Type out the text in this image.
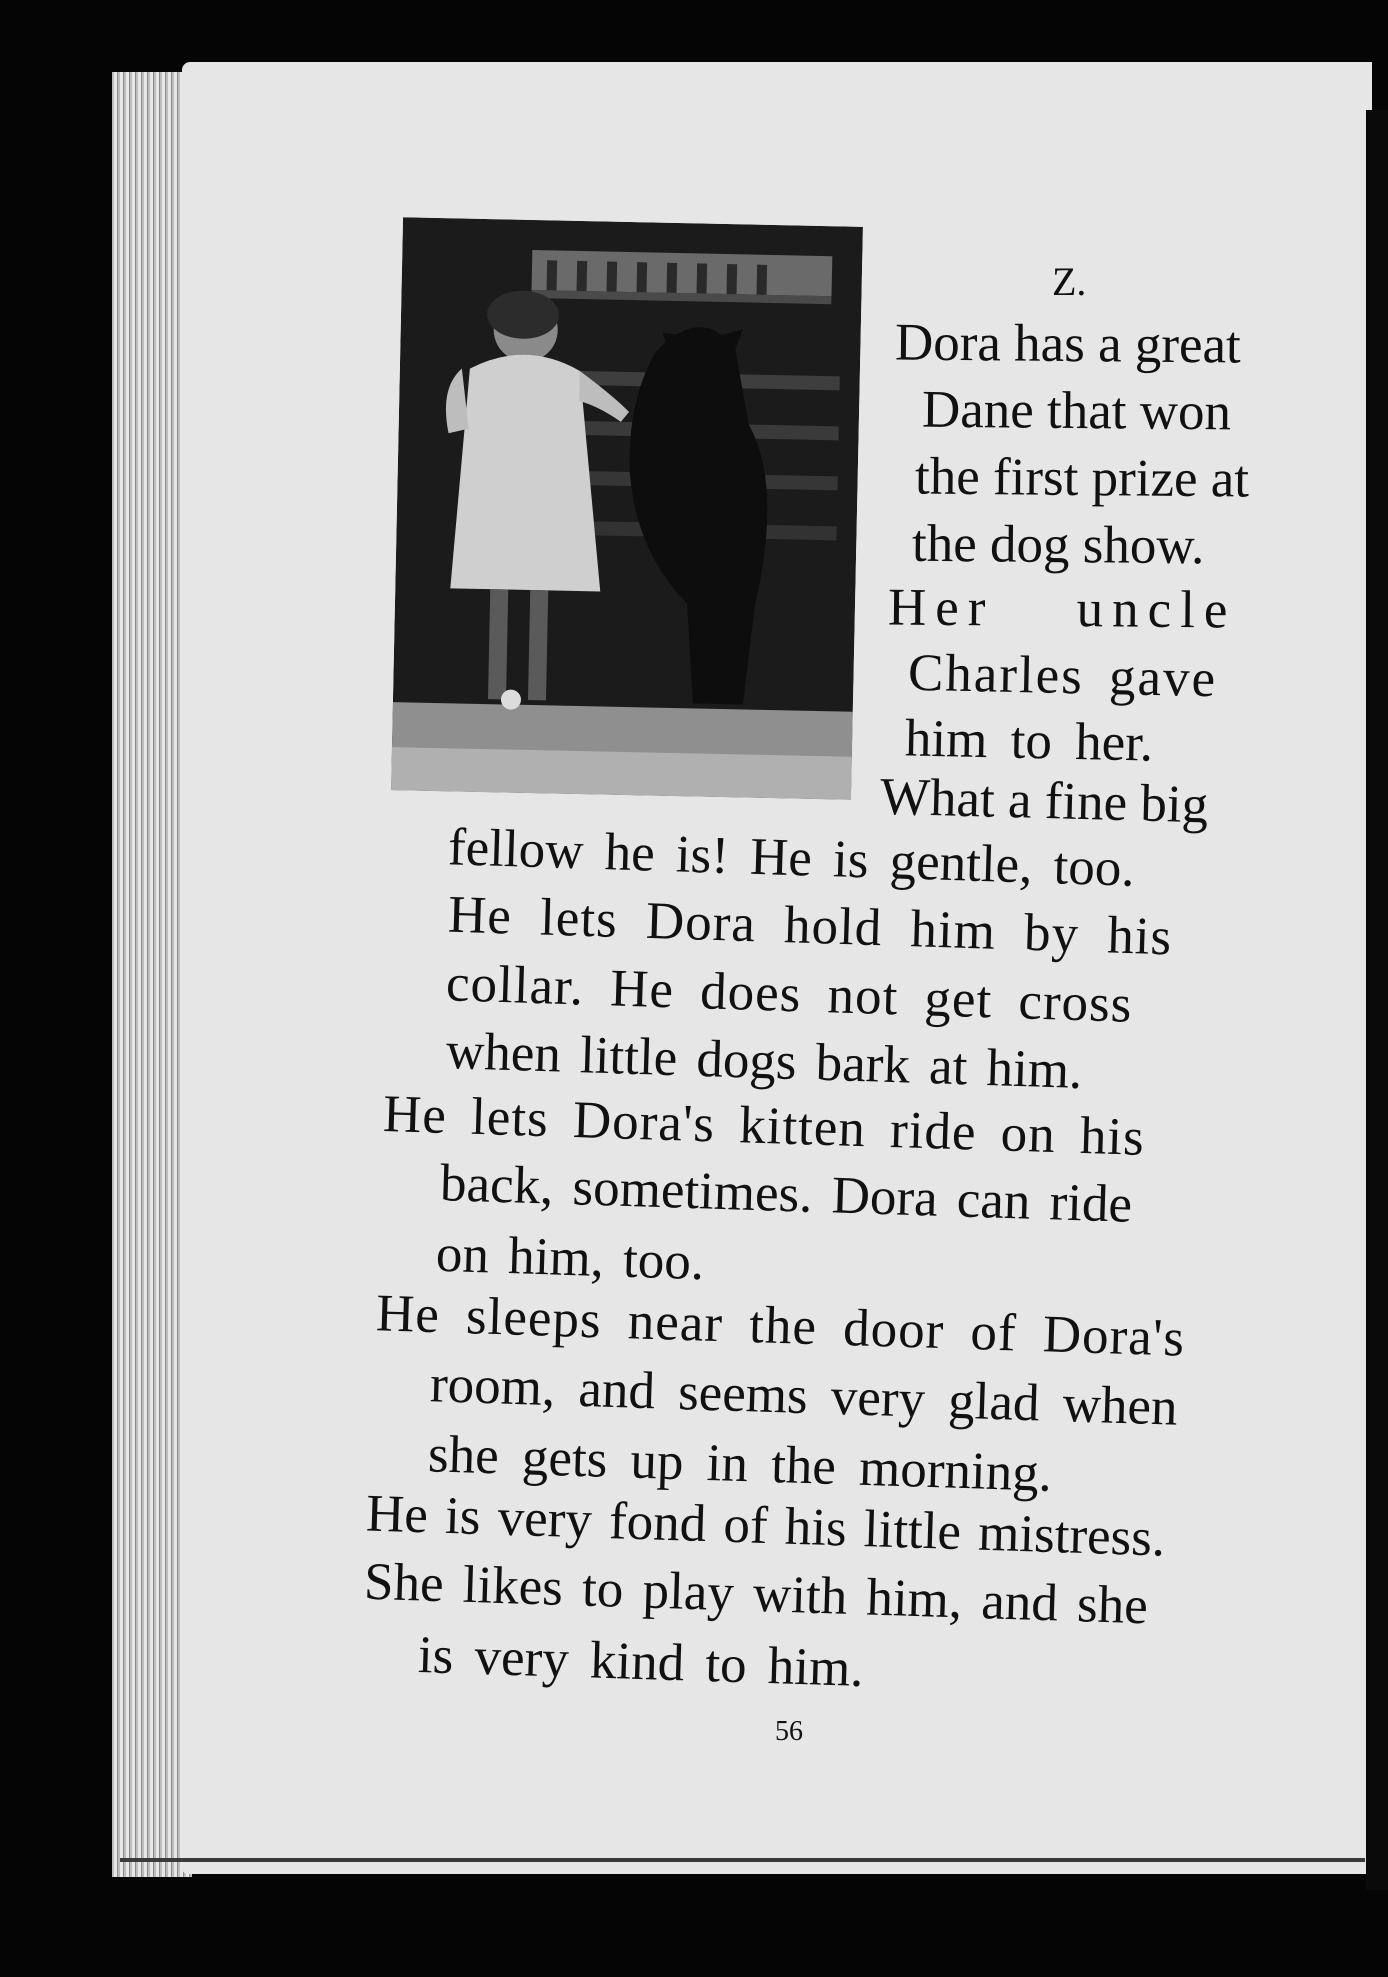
Z.
Dora has a great
Dane that won
the first prize at
the dog show.
Her uncle
Charles gave
him to her.
What a fine big
fellow he is! He is gentle, too.
He lets Dora hold him by his
collar. He does not get cross
when little dogs bark at him.
He lets Dora's kitten ride on his
back, sometimes. Dora can ride
on him, too.
He sleeps near the door of Dora's
room, and seems very glad when
she gets up in the morning.
He is very fond of his little mistress.
She likes to play with him, and she
is very kind to him.
56
